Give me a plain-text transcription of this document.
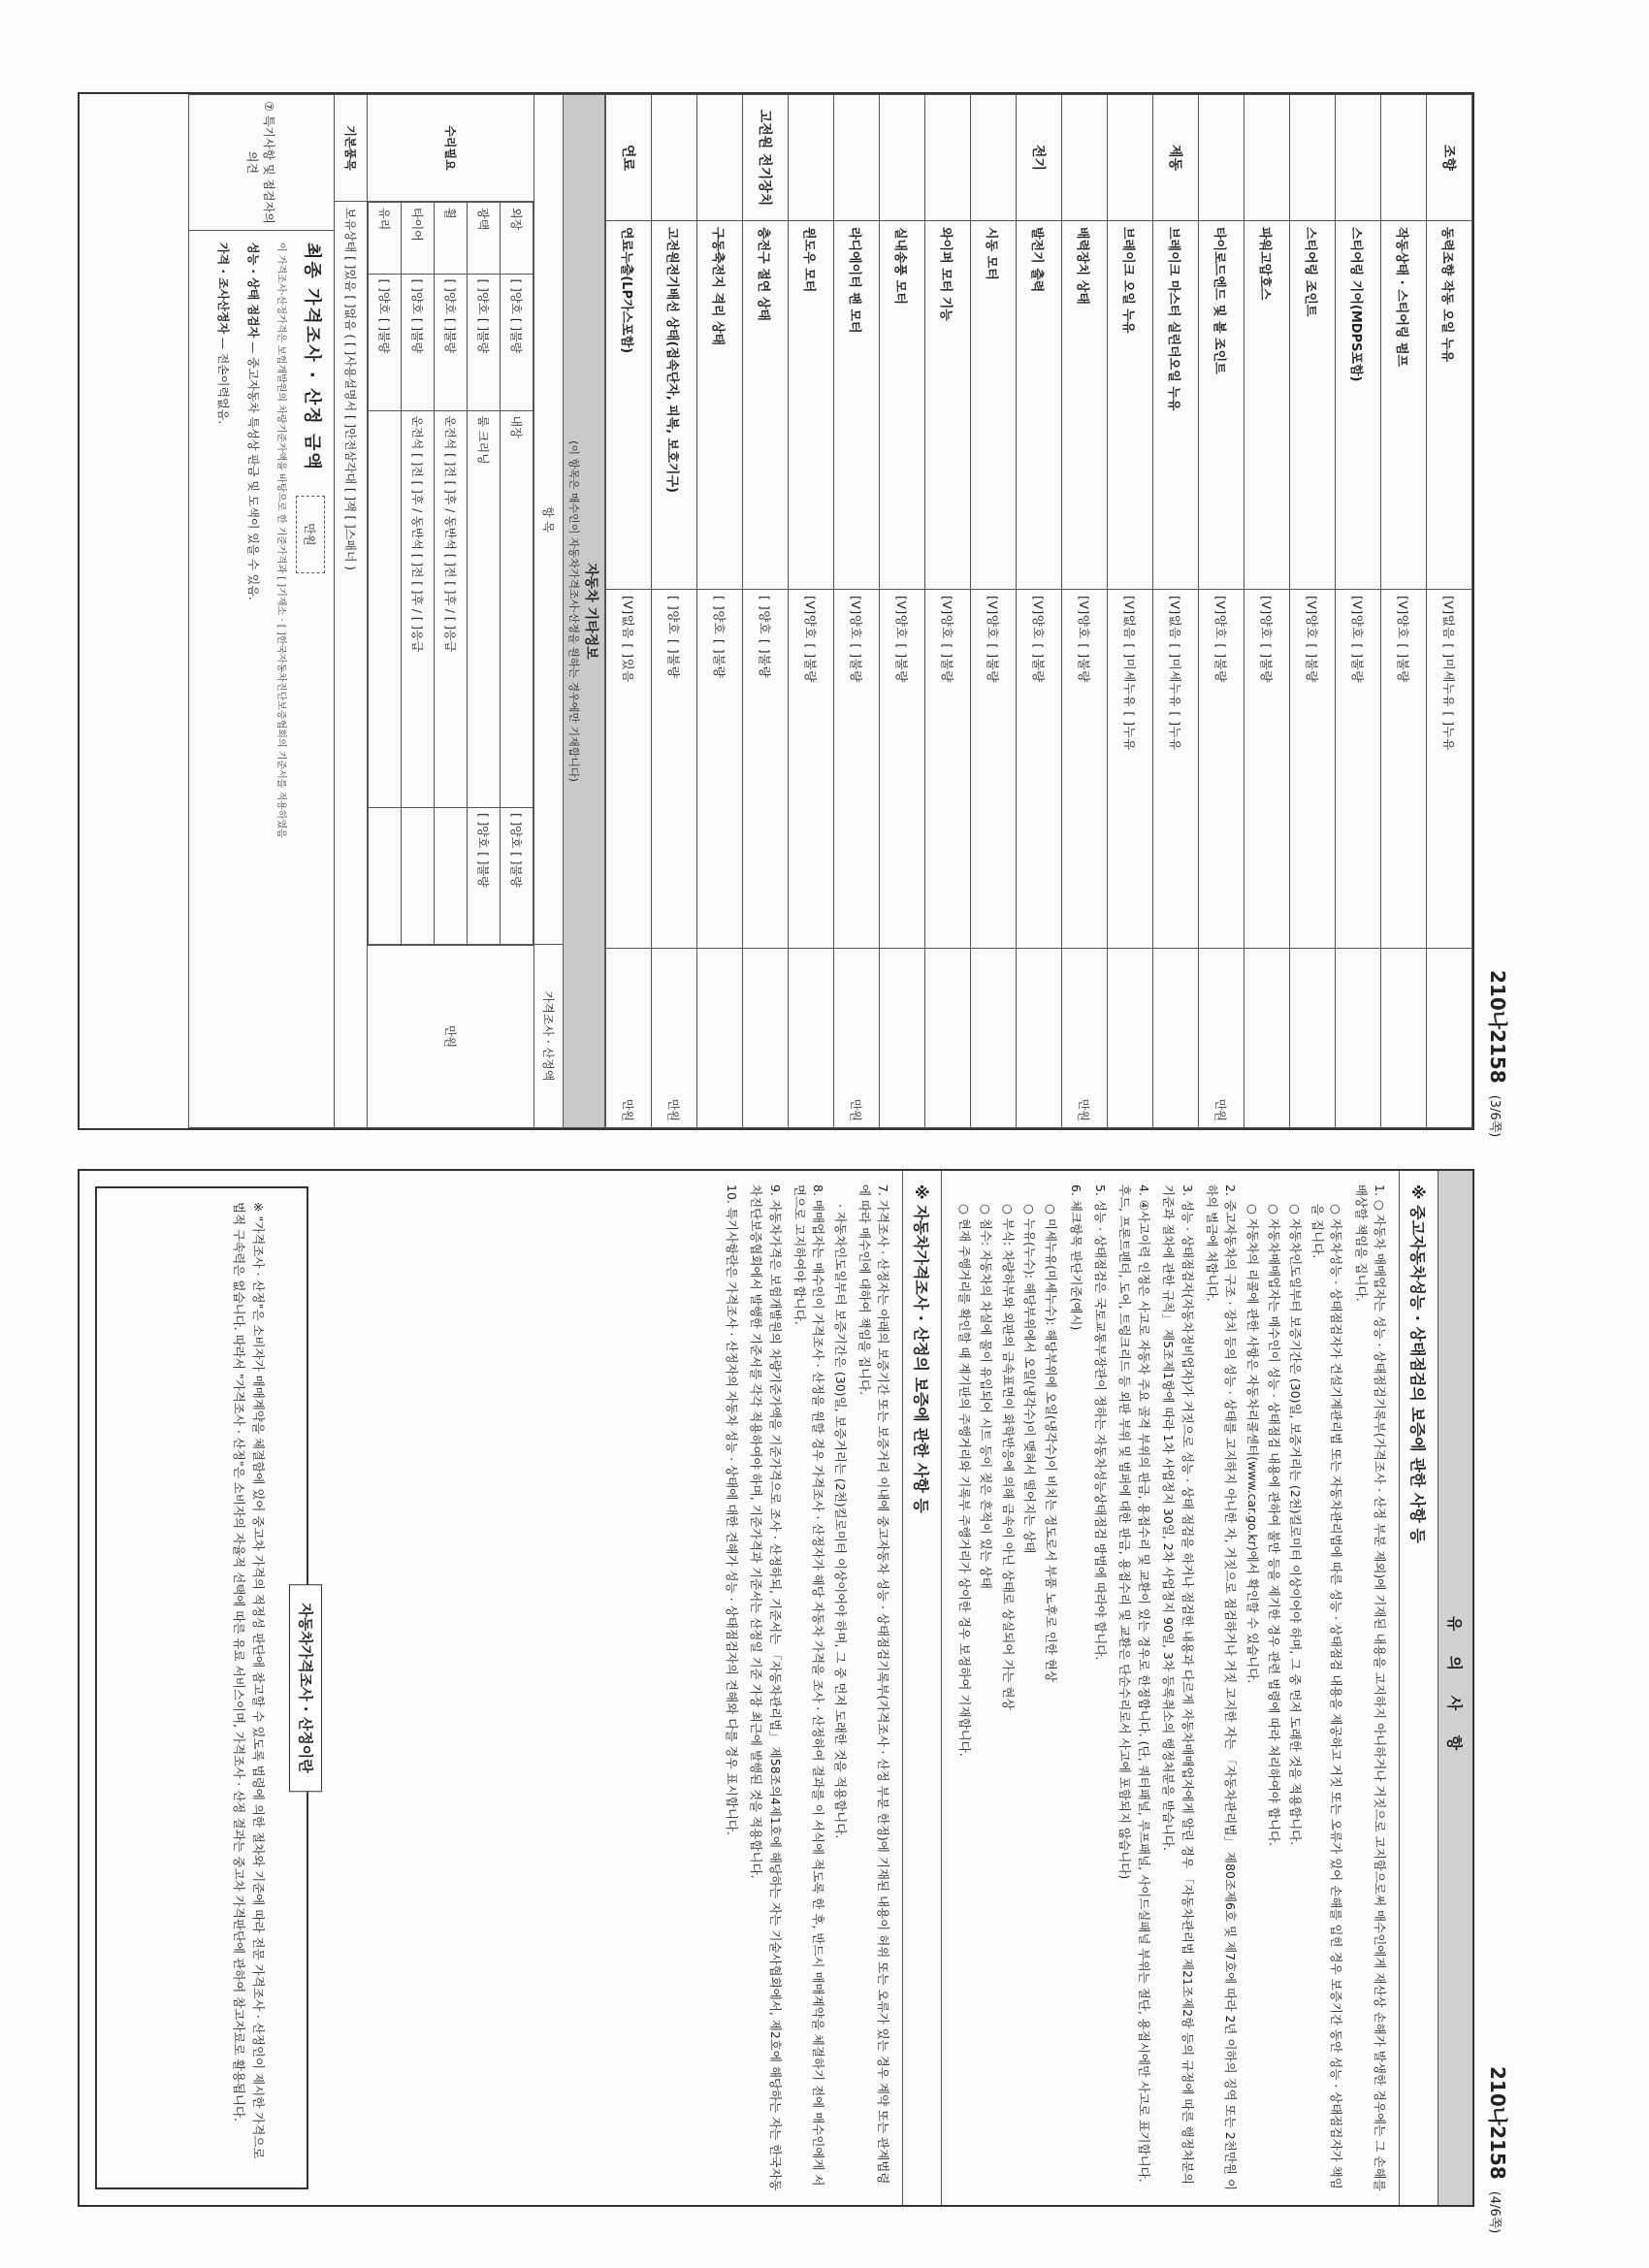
210나2158(3/6쪽)
조향	동력조향 작동 오일 누유	[V]없음 [ ]미세누유 [ ]누유	
	작동상태 · 스티어링 펌프	[V]양호 [ ]불량	
	스티어링 기어(MDPS포함)	[V]양호 [ ]불량	
	스티어링 조인트	[V]양호 [ ]불량	
	파워고압호스	[V]양호 [ ]불량	
	타이로드엔드 및 볼 조인트	[V]양호 [ ]불량	만원
제동	브레이크 마스터 실린더오일 누유	[V]없음 [ ]미세누유 [ ]누유	
	브레이크 오일 누유	[V]없음 [ ]미세누유 [ ]누유	
	배력장치 상태	[V]양호 [ ]불량	만원
전기	발전기 출력	[V]양호 [ ]불량	
	시동 모터	[V]양호 [ ]불량	
	와이퍼 모터 기능	[V]양호 [ ]불량	
	실내송풍 모터	[V]양호 [ ]불량	
	라디에이터 팬 모터	[V]양호 [ ]불량	만원
	윈도우 모터	[V]양호 [ ]불량	
고전원 전기장치	충전구 절연 상태	[ ]양호 [ ]불량	
	구동축전지 격리 상태	[ ]양호 [ ]불량	
	고전원전기배선 상태(접속단자, 피복, 보호기구)	[ ]양호 [ ]불량	만원
연료	연료누출(LP가스포함)	[V]없음 [ ]있음	만원
자동차 기타정보
(이 항목은 매수인이 자동차가격조사·산정을 원하는 경우에만 기재합니다)
항 목
가격조사 · 산정액
수리필요
외장	[ ]양호 [ ]불량	내장	[ ]양호 [ ]불량
광택	[ ]양호 [ ]불량	룸 크리닝	[ ]양호 [ ]불량
휠	[ ]양호 [ ]불량	운전석 [ ]전 [ ]후 / 동반석 [ ]전 [ ]후 / [ ]응급	
타이어	[ ]양호 [ ]불량	운전석 [ ]전 [ ]후 / 동반석 [ ]전 [ ]후 / [ ]응급	
유리	[ ]양호 [ ]불량		
만원
기본품목
보유상태 [ ]있음 [ ]없음 ( [ ]사용설명서 [ ]안전삼각대 [ ]잭 [ ]스패너 )
⑦ 특기사항 및 점검자의 의견
최종 가격조사 · 산정 금액 만원
이 가격조사·산정가격은 보험개발원의 차량기준가액을 바탕으로 한 기준가격과 [ ]기재소 · [ ]한국자동차진단보증협회의 기준서를 적용하였음
성능 · 상태 점검자 — 중고자동차 특성상 판금 및 도색이 있을 수 있음.
가격 · 조사산정자 — 전손이력없음.
210나2158(4/6쪽)
유 의 사 항
※ 중고자동차성능 · 상태점검의 보증에 관한 사항 등

1. ○ 자동차 매매업자는 성능 · 상태점검기록부(가격조사 · 산정 부분 제외)에 기재된 내용을 고지하지 아니하거나 거짓으로 고지함으로써 매수인에게 재산상 손해가 발생한 경우에는 그 손해를 배상할 책임을 집니다.

○ 자동차성능 · 상태점검자가 건설기계관리법 또는 자동차관리법에 따른 성능 · 상태점검 내용을 제공하고 거짓 또는 오류가 있어 손해를 입힌 경우 보증기간 동안 성능 · 상태점검자가 책임을 집니다.

○ 자동차인도일부터 보증기간은 (30)일, 보증거리는 (2천)킬로미터 이상이어야 하며, 그 중 먼저 도래한 것을 적용합니다.

○ 자동차매매업자는 매수인이 성능 · 상태점검 내용에 관하여 불만 등을 제기한 경우 관련 법령에 따라 처리하여야 합니다.

○ 자동차의 리콜에 관한 사항은 자동차리콜센터(www.car.go.kr)에서 확인할 수 있습니다.

2. 중고자동차의 구조 · 장치 등의 성능 · 상태를 고지하지 아니한 자, 거짓으로 점검하거나 거짓 고지한 자는 「자동차관리법」 제80조제6호 및 제7호에 따라 2년 이하의 징역 또는 2천만원 이하의 벌금에 처합니다.

3. 성능 · 상태점검자(자동차정비업자)가 거짓으로 성능 · 상태 점검을 하거나 점검한 내용과 다르게 자동차매매업자에게 알린 경우 「자동차관리법 제21조제2항 등의 규정에 따른 행정처분의 기준과 절차에 관한 규칙」 제5조제1항에 따라 1차 사업정지 30일, 2차 사업정지 90일, 3차 등록취소의 행정처분을 받습니다.

4. ④사고이력 인정은 사고로 자동차 주요 골격 부위의 판금, 용접수리 및 교환이 있는 경우로 한정합니다. (단, 쿼터패널, 루프패널, 사이드실패널 부위는 절단, 용접시에만 사고로 표기합니다. 후드, 프론트펜더, 도어, 트렁크리드 등 외판 부위 및 범퍼에 대한 판금, 용접수리 및 교환은 단순수리로서 사고에 포함되지 않습니다)

5. 성능 · 상태점검은 국토교통부장관이 정하는 자동차성능상태점검 방법에 따라야 합니다.

6. 체크항목 판단기준(예시)

○ 미세누유(미세누수): 해당부위에 오일(냉각수)이 비치는 정도로서 부품 노후로 인한 현상

○ 누유(누수): 해당부위에서 오일(냉각수)이 맺혀서 떨어지는 상태

○ 부식: 차량하부와 외판의 금속표면이 화학반응에 의해 금속이 아닌 상태로 상실되어 가는 현상

○ 침수: 자동차의 차실에 물이 유입되어 시트 등이 젖은 흔적이 있는 상태

○ 현재 주행거리를 확인할 때 계기판의 주행거리와 기록부 주행거리가 상이한 경우 보정하여 기재합니다.

※ 자동차가격조사 · 산정의 보증에 관한 사항 등

7. 가격조사 · 산정자는 아래의 보증기간 또는 보증거리 이내에 중고자동차 성능 · 상태점검기록부(가격조사 · 산정 부분 한정)에 기재된 내용이 허위 또는 오류가 있는 경우 계약 또는 관계법령에 따라 매수인에 대하여 책임을 집니다.

· 자동차인도일부터 보증기간은 (30)일, 보증거리는 (2천)킬로미터 이상이어야 하며, 그 중 먼저 도래한 것을 적용합니다.

8. 매매업자는 매수인이 가격조사 · 산정을 원할 경우 가격조사 · 산정자가 해당 자동차 가격을 조사 · 산정하여 결과를 이 서식에 적도록 한 후, 반드시 매매계약을 체결하기 전에 매수인에게 서면으로 고지하여야 합니다.

9. 자동차가격은 보험개발원의 차량기준가액을 기준가격으로 조사 · 산정하되, 기준서는 「자동차관리법」 제58조의4제1호에 해당하는 자는 기술사협회에서, 제2호에 해당하는 자는 한국자동차진단보증협회에서 발행한 기준서를 각각 적용하여야 하며, 기준가격과 기준서는 산정일 기준 가장 최근에 발행된 것을 적용합니다.

10. 특기사항란은 가격조사 · 산정자의 자동차 성능 · 상태에 대한 견해가 성능 · 상태점검자의 견해와 다를 경우 표시합니다.

자동차가격조사 · 산정이란
※ "가격조사 · 산정"은 소비자가 매매계약을 체결함에 있어 중고차 가격의 적정성 판단에 참고할 수 있도록 법령에 의한 절차와 기준에 따라 전문 가격조사 · 산정인이 제시한 가격으로 법적 구속력은 없습니다. 따라서 "가격조사 · 산정"은 소비자의 자율적 선택에 따른 유료 서비스이며, 가격조사 · 산정 결과는 중고차 가격판단에 관하여 참고자료로 활용됩니다.
